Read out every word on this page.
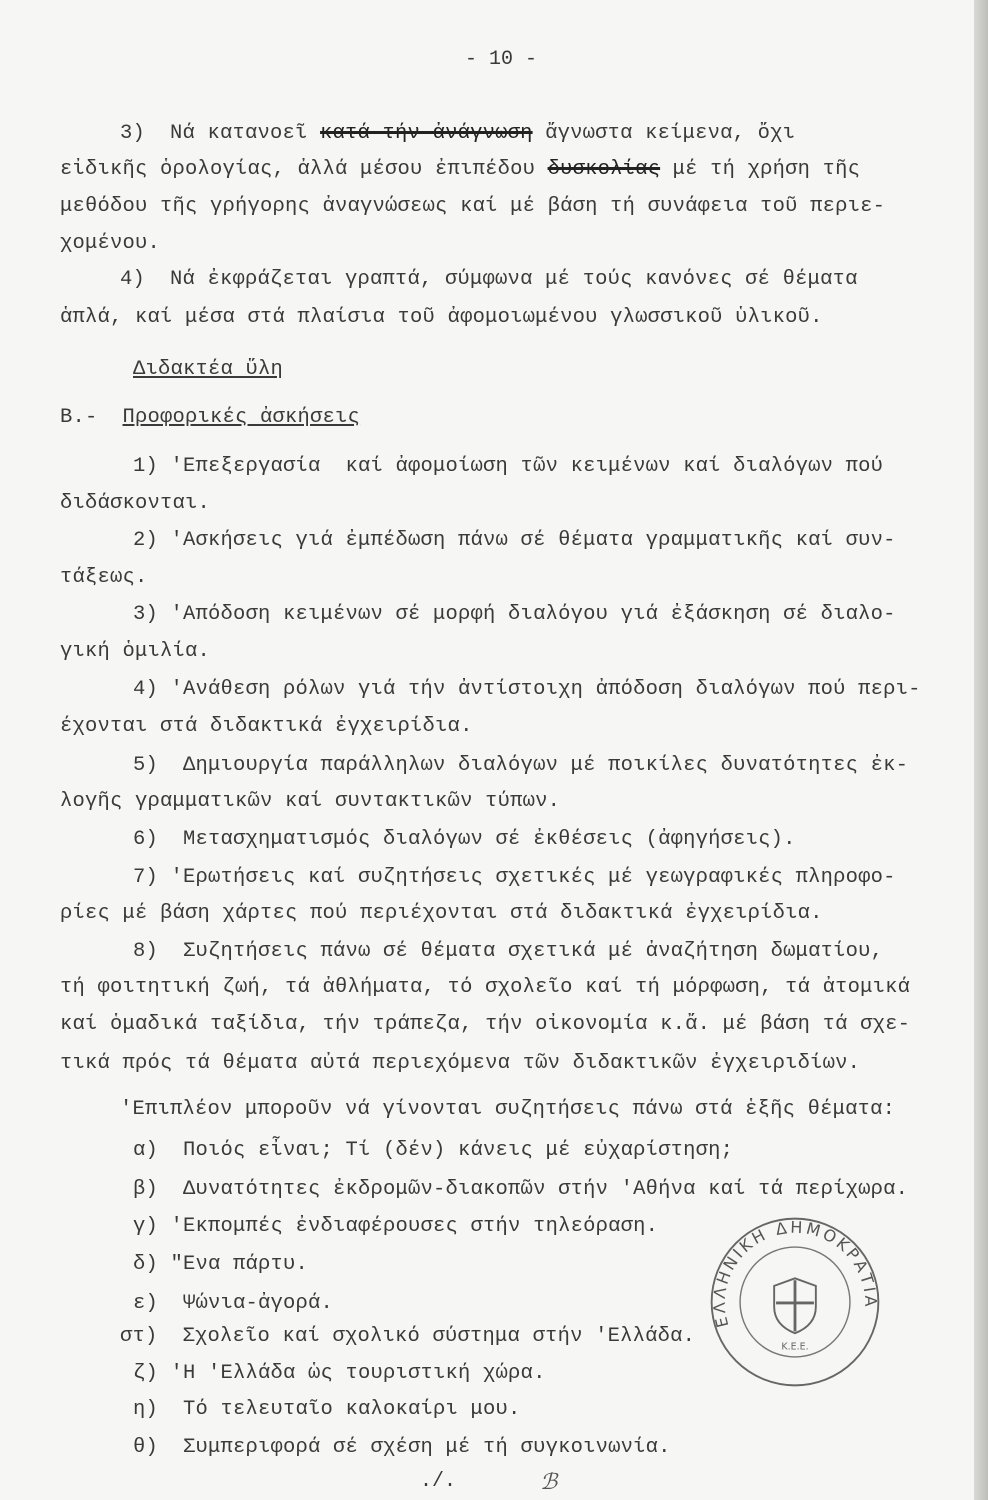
- 10 -
3)  Νά κατανοεῖ κατά τήν ἀνάγνωση ἄγνωστα κείμενα, ὄχι
εἰδικῆς ὁρολογίας, ἀλλά μέσου ἐπιπέδου δυσκολίας μέ τή χρήση τῆς
μεθόδου τῆς γρήγορης ἀναγνώσεως καί μέ βάση τή συνάφεια τοῦ περιε-
χομένου.
4)  Νά ἐκφράζεται γραπτά, σύμφωνα μέ τούς κανόνες σέ θέματα
ἁπλά, καί μέσα στά πλαίσια τοῦ ἀφομοιωμένου γλωσσικοῦ ὑλικοῦ.
Διδακτέα ὕλη
Β.-  Προφορικές ἀσκήσεις
1) 'Επεξεργασία  καί ἀφομοίωση τῶν κειμένων καί διαλόγων πού
διδάσκονται.
2) 'Ασκήσεις γιά ἐμπέδωση πάνω σέ θέματα γραμματικῆς καί συν-
τάξεως.
3) 'Απόδοση κειμένων σέ μορφή διαλόγου γιά ἐξάσκηση σέ διαλο-
γική ὁμιλία.
4) 'Ανάθεση ρόλων γιά τήν ἀντίστοιχη ἀπόδοση διαλόγων πού περι-
έχονται στά διδακτικά ἐγχειρίδια.
5)  Δημιουργία παράλληλων διαλόγων μέ ποικίλες δυνατότητες ἐκ-
λογῆς γραμματικῶν καί συντακτικῶν τύπων.
6)  Μετασχηματισμός διαλόγων σέ ἐκθέσεις (ἀφηγήσεις).
7) 'Ερωτήσεις καί συζητήσεις σχετικές μέ γεωγραφικές πληροφο-
ρίες μέ βάση χάρτες πού περιέχονται στά διδακτικά ἐγχειρίδια.
8)  Συζητήσεις πάνω σέ θέματα σχετικά μέ ἀναζήτηση δωματίου,
τή φοιτητική ζωή, τά ἀθλήματα, τό σχολεῖο καί τή μόρφωση, τά ἀτομικά
καί ὁμαδικά ταξίδια, τήν τράπεζα, τήν οἰκονομία κ.ἄ. μέ βάση τά σχε-
τικά πρός τά θέματα αὐτά περιεχόμενα τῶν διδακτικῶν ἐγχειριδίων.
'Επιπλέον μποροῦν νά γίνονται συζητήσεις πάνω στά ἑξῆς θέματα:
α)  Ποιός εἶναι; Τί (δέν) κάνεις μέ εὐχαρίστηση;
β)  Δυνατότητες ἐκδρομῶν-διακοπῶν στήν 'Αθήνα καί τά περίχωρα.
γ) 'Εκπομπές ἐνδιαφέρουσες στήν τηλεόραση.
δ) "Ενα πάρτυ.
ε)  Ψώνια-ἀγορά.
στ)  Σχολεῖο καί σχολικό σύστημα στήν 'Ελλάδα.
ζ) 'Η 'Ελλάδα ὡς τουριστική χώρα.
η)  Τό τελευταῖο καλοκαίρι μου.
θ)  Συμπεριφορά σέ σχέση μέ τή συγκοινωνία.
./.	ℬ
ΕΛΛΗΝΙΚΗ ΔΗΜΟΚΡΑΤΙΑ
Κ.Ε.Ε.
